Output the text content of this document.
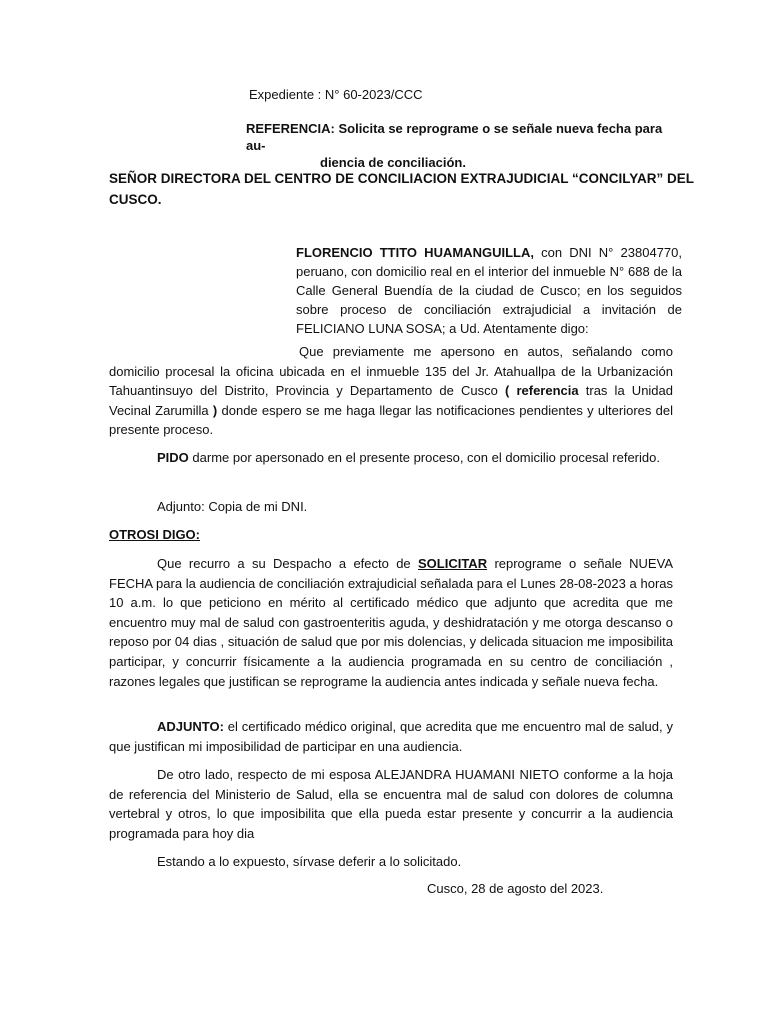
Expediente : N° 60-2023/CCC
REFERENCIA: Solicita se reprograme o se señale nueva fecha para au-
diencia de conciliación.
SEÑOR DIRECTORA DEL CENTRO DE CONCILIACION EXTRAJUDICIAL “CONCILYAR” DEL CUSCO.
FLORENCIO TTITO HUAMANGUILLA, con DNI N° 23804770, peruano, con domicilio real en el interior del inmueble N° 688 de la Calle General Buendía de la ciudad de Cusco; en los seguidos sobre proceso de conciliación extrajudicial a invitación de FELICIANO LUNA SOSA; a Ud. Atentamente digo:
Que previamente me apersono en autos, señalando como domicilio procesal la oficina ubicada en el inmueble 135 del Jr. Atahuallpa de la Urbanización Tahuantinsuyo del Distrito, Provincia y Departamento de Cusco ( referencia tras la Unidad Vecinal Zarumilla ) donde espero se me haga llegar las notificaciones pendientes y ulteriores del presente proceso.
PIDO darme por apersonado en el presente proceso, con el domicilio procesal referido.
Adjunto: Copia de mi DNI.
OTROSI DIGO:
Que recurro a su Despacho a efecto de SOLICITAR reprograme o señale NUEVA FECHA para la audiencia de conciliación extrajudicial señalada para el Lunes 28-08-2023 a horas 10 a.m. lo que peticiono en mérito al certificado médico que adjunto que acredita que me encuentro muy mal de salud con gastroenteritis aguda, y deshidratación y me otorga descanso o reposo por 04 dias , situación de salud que por mis dolencias, y delicada situacion me imposibilita participar, y concurrir físicamente a la audiencia programada en su centro de conciliación , razones legales que justifican se reprograme la audiencia antes indicada y señale nueva fecha.
ADJUNTO: el certificado médico original, que acredita que me encuentro mal de salud, y que justifican mi imposibilidad de participar en una audiencia.
De otro lado, respecto de mi esposa ALEJANDRA HUAMANI NIETO conforme a la hoja de referencia del Ministerio de Salud, ella se encuentra mal de salud con dolores de columna vertebral y otros, lo que imposibilita que ella pueda estar presente y concurrir a la audiencia programada para hoy dia
Estando a lo expuesto, sírvase deferir a lo solicitado.
Cusco, 28 de agosto del 2023.
